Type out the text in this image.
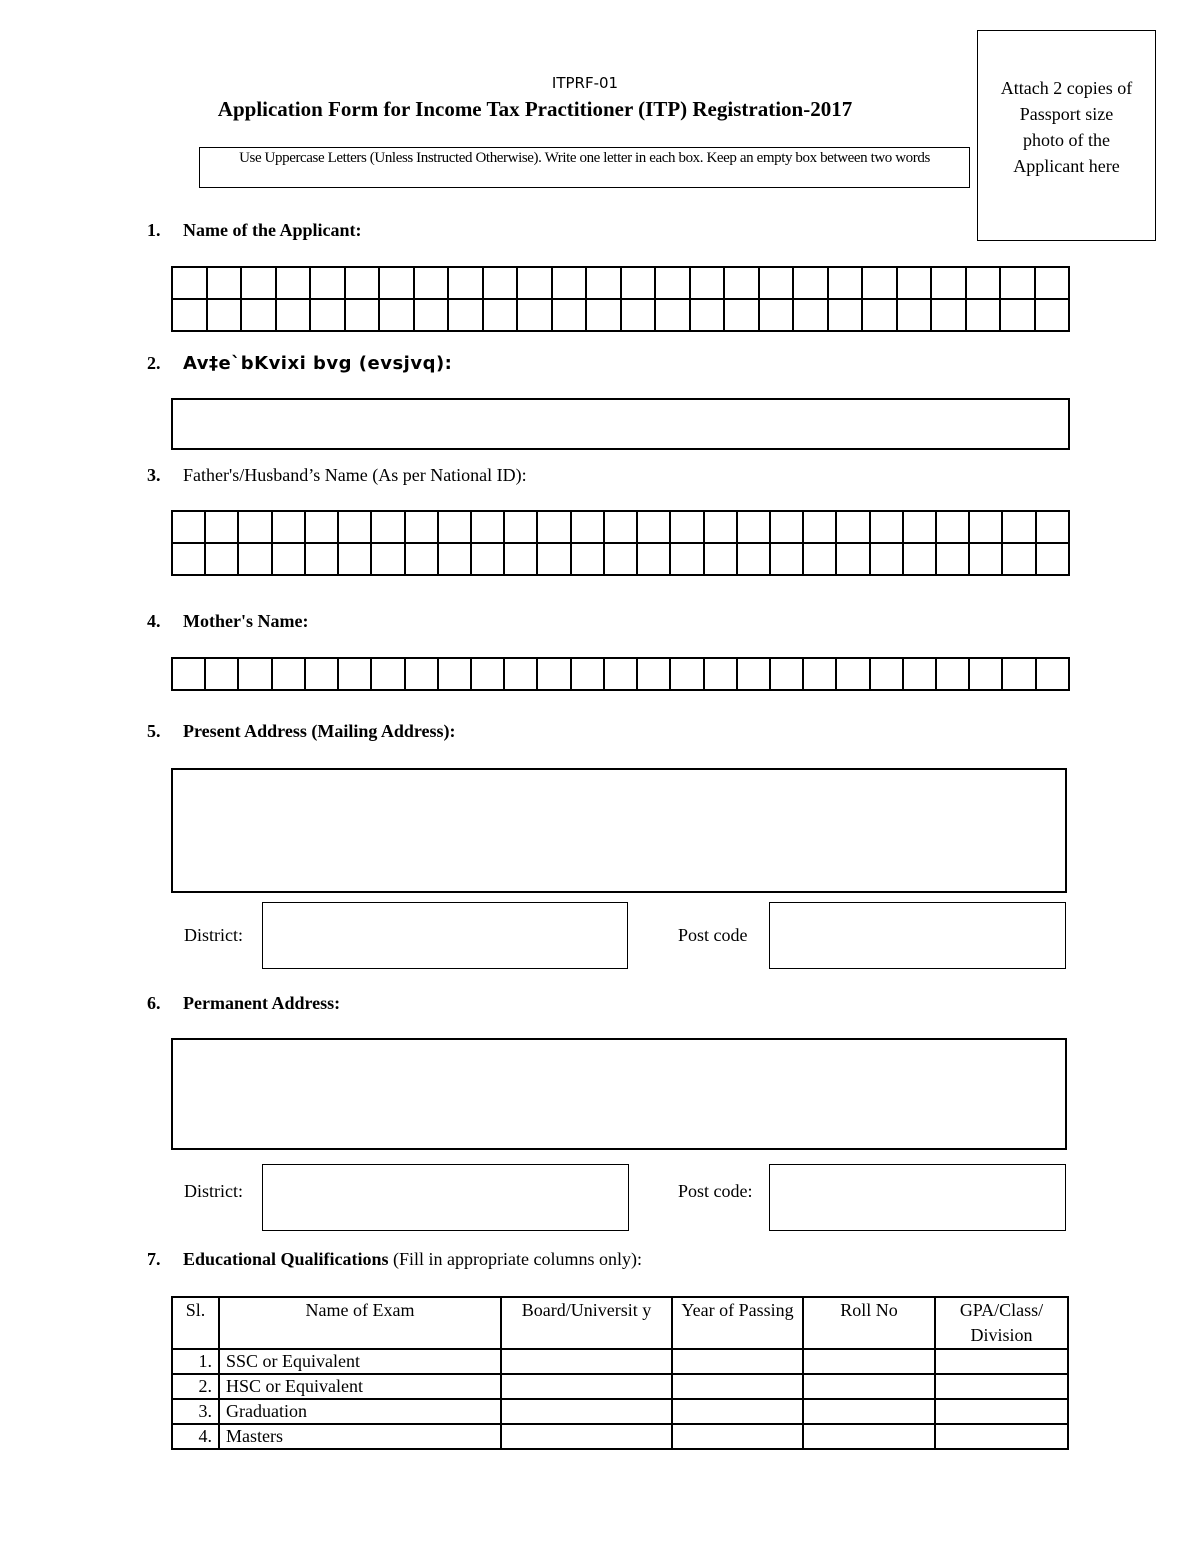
ITPRF-01
Application Form for Income Tax Practitioner (ITP) Registration-2017
Use Uppercase Letters (Unless Instructed Otherwise). Write one letter in each box. Keep an empty box between two words
Attach 2 copies of
Passport size
photo of the
Applicant here
1. Name of the Applicant:

2. Av‡e`bKvixi bvg (evsjvq):
3. Father's/Husband’s Name (As per National ID):

4. Mother's Name:

5. Present Address (Mailing Address):
District:	Post code
6. Permanent Address:
District:	Post code:
7. Educational Qualifications (Fill in appropriate columns only):
Sl.	Name of Exam	Board/Universit y	Year of Passing	Roll No	GPA/Class/ Division
1.	SSC or Equivalent				
2.	HSC or Equivalent				
3.	Graduation				
4.	Masters				
